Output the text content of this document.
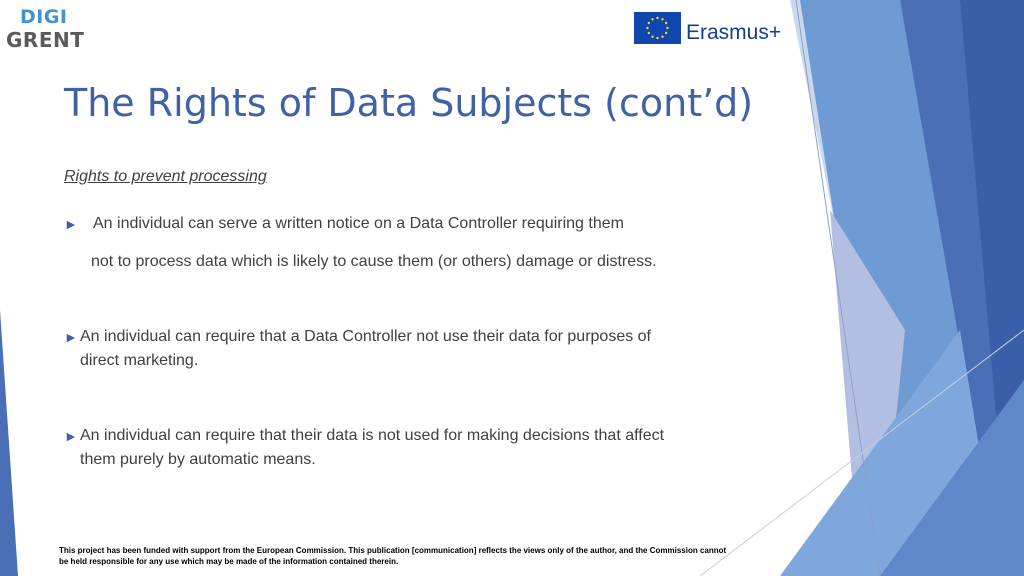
DIGI
GRENT	Erasmus+
The Rights of Data Subjects (cont’d)
Rights to prevent processing
► An individual can serve a written notice on a Data Controller requiring them
not to process data which is likely to cause them (or others) damage or distress.
► An individual can require that a Data Controller not use their data for purposes of
direct marketing.
► An individual can require that their data is not used for making decisions that affect
them purely by automatic means.
This project has been funded with support from the European Commission. This publication [communication] reflects the views only of the author, and the Commission cannot
be held responsible for any use which may be made of the information contained therein.
